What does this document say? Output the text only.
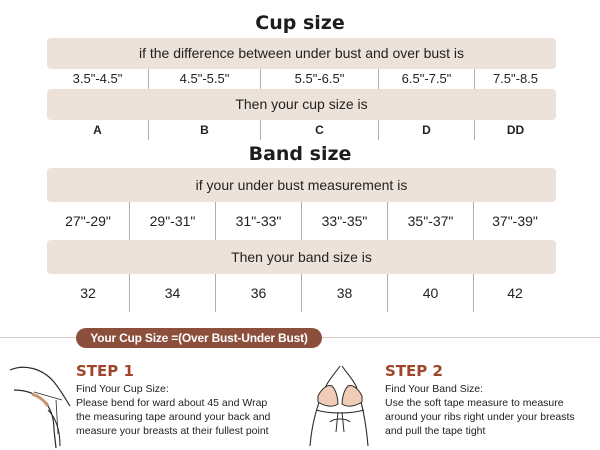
Cup size
if the difference between under bust and over bust is
3.5"-4.5"	4.5"-5.5"	5.5"-6.5"	6.5"-7.5"	7.5"-8.5
Then your cup size is
A	B	C	D	DD
Band size
if your under bust measurement is
27"-29"	29"-31"	31"-33"	33"-35"	35"-37"	37"-39"
Then your band size is
32	34	36	38	40	42
Your Cup Size =(Over Bust-Under Bust)
STEP 1
Find Your Cup Size:
Please bend for ward about 45 and Wrap
the measuring tape around your back and
measure your breasts at their fullest point
STEP 2
Find Your Band Size:
Use the soft tape measure to measure
around your ribs right under your breasts
and pull the tape tight
